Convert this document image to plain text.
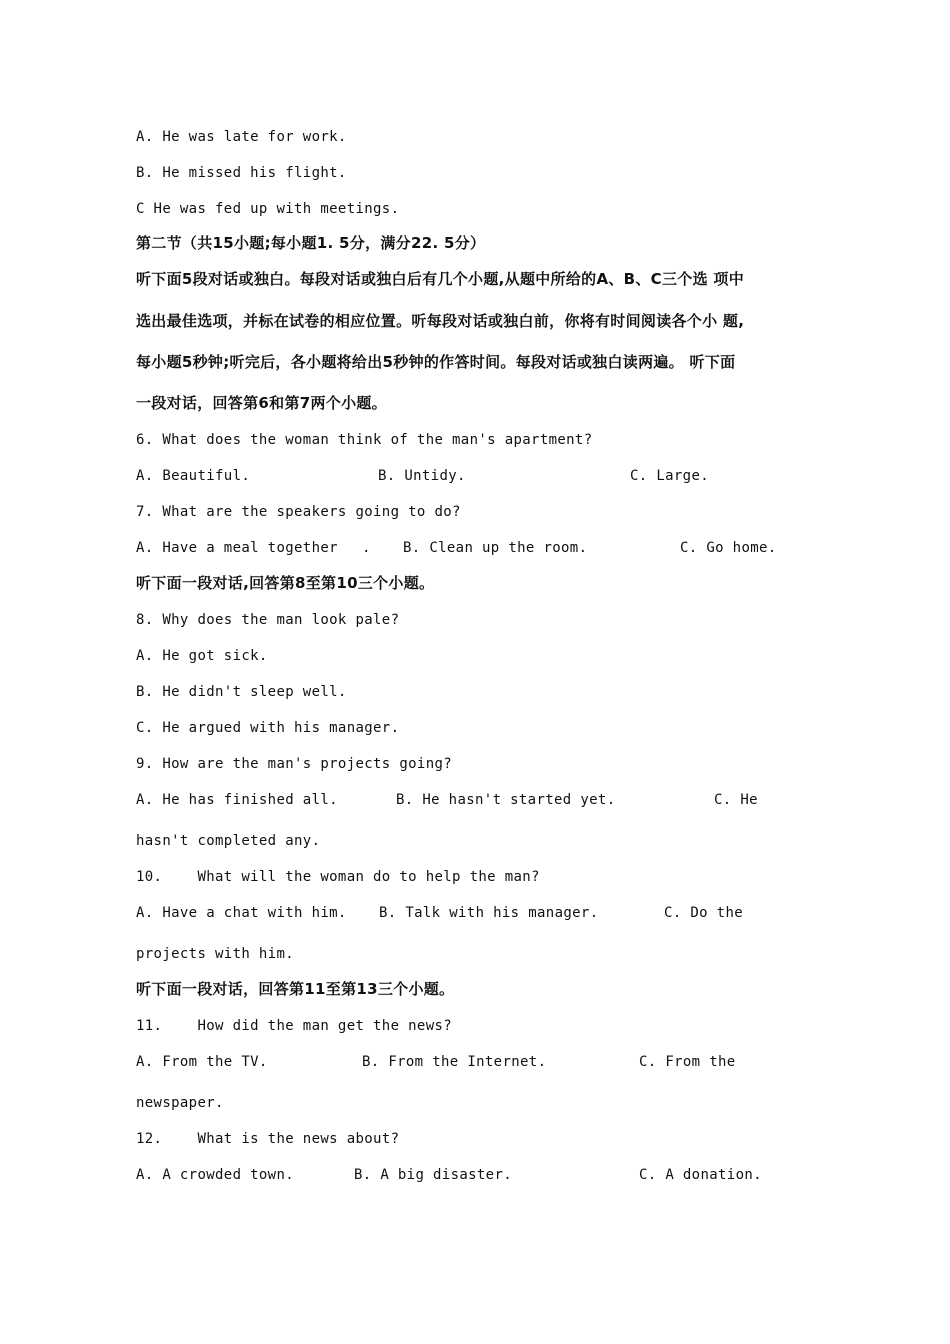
A. He was late for work.
B. He missed his flight.
C He was fed up with meetings.
第二节（共15小题;每小题1. 5分，满分22. 5分）
听下面5段对话或独白。每段对话或独白后有几个小题,从题中所给的A、B、C三个选 项中
选出最佳选项，并标在试卷的相应位置。听每段对话或独白前，你将有时间阅读各个小 题,
每小题5秒钟;听完后，各小题将给出5秒钟的作答时间。每段对话或独白读两遍。 听下面
一段对话，回答第6和第7两个小题。
6. What does the woman think of the man's apartment?
A. Beautiful.	B. Untidy.	C. Large.
7. What are the speakers going to do?
A. Have a meal together . B. Clean up the room.	C. Go home.
听下面一段对话,回答第8至第10三个小题。
8. Why does the man look pale?
A. He got sick.
B. He didn't sleep well.
C. He argued with his manager.
9. How are the man's projects going?
A. He has finished all.	B. He hasn't started yet.	C. He
hasn't completed any.
10.    What will the woman do to help the man?
A. Have a chat with him. B. Talk with his manager.	C. Do the
projects with him.
听下面一段对话，回答第11至第13三个小题。
11.    How did the man get the news?
A. From the TV.	B. From the Internet.	C. From the
newspaper.
12.    What is the news about?
A. A crowded town.	B. A big disaster.	C. A donation.
